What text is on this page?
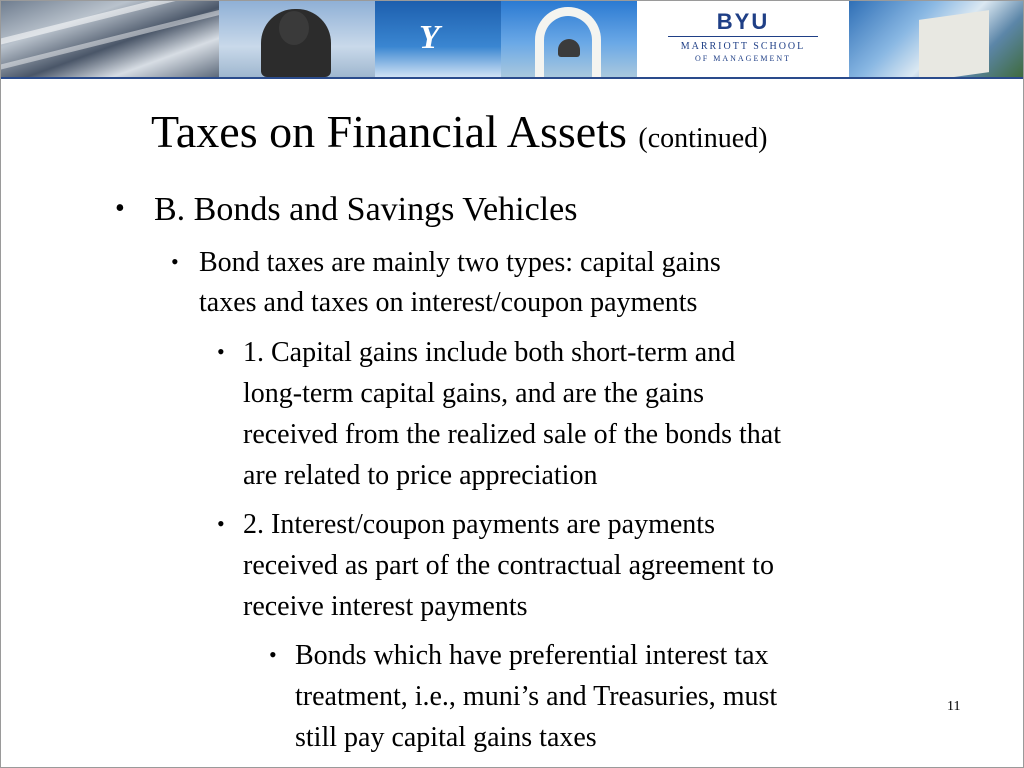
Y	BYU
MARRIOTT SCHOOL
OF MANAGEMENT
Taxes on Financial Assets (continued)
• B. Bonds and Savings Vehicles
• Bond taxes are mainly two types: capital gains
taxes and taxes on interest/coupon payments
• 1. Capital gains include both short-term and
long-term capital gains, and are the gains
received from the realized sale of the bonds that
are related to price appreciation
• 2. Interest/coupon payments are payments
received as part of the contractual agreement to
receive interest payments
• Bonds which have preferential interest tax
treatment, i.e., muni’s and Treasuries, must
still pay capital gains taxes
11
